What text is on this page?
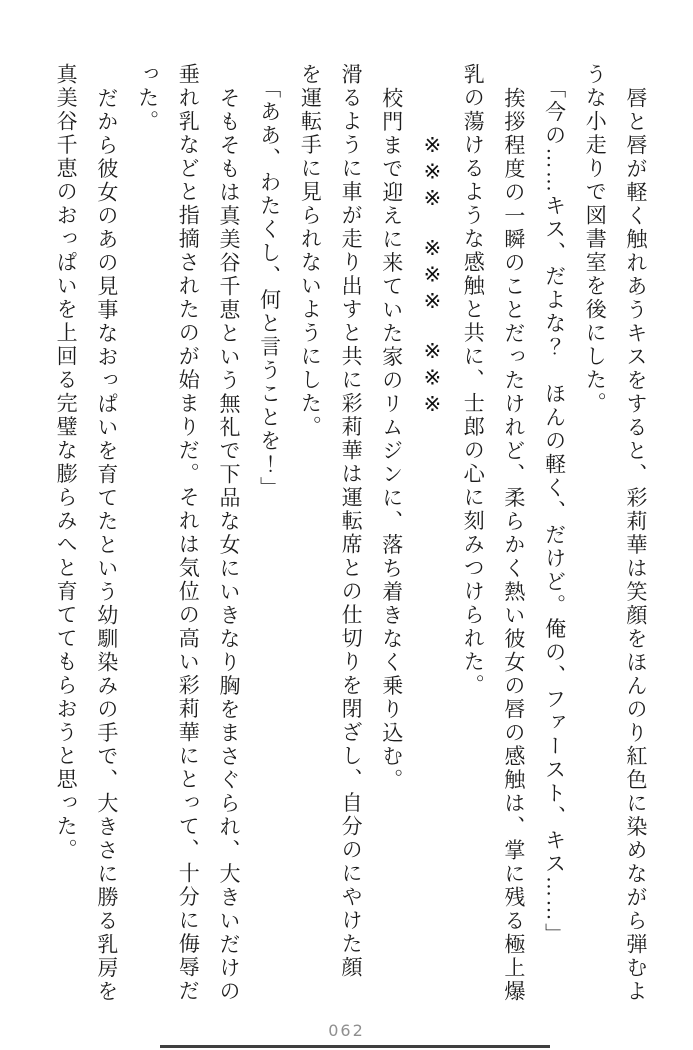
唇と唇が軽く触れあうキスをすると、彩莉華は笑顔をほんのり紅色に染めながら弾むよ
うな小走りで図書室を後にした。
「今の……キス、だよな？　ほんの軽く、だけど。俺の、ファースト、キス……」
挨拶程度の一瞬のことだったけれど、柔らかく熱い彼女の唇の感触は、掌に残る極上爆
乳の蕩けるような感触と共に、士郎の心に刻みつけられた。
※※※　※※※　※※※
校門まで迎えに来ていた家のリムジンに、落ち着きなく乗り込む。
滑るように車が走り出すと共に彩莉華は運転席との仕切りを閉ざし、自分のにやけた顔
を運転手に見られないようにした。
「ああ、わたくし、何と言うことを！」
そもそもは真美谷千恵という無礼で下品な女にいきなり胸をまさぐられ、大きいだけの
垂れ乳などと指摘されたのが始まりだ。それは気位の高い彩莉華にとって、十分に侮辱だ
った。
だから彼女のあの見事なおっぱいを育てたという幼馴染みの手で、大きさに勝る乳房を
真美谷千恵のおっぱいを上回る完璧な膨らみへと育ててもらおうと思った。
062
